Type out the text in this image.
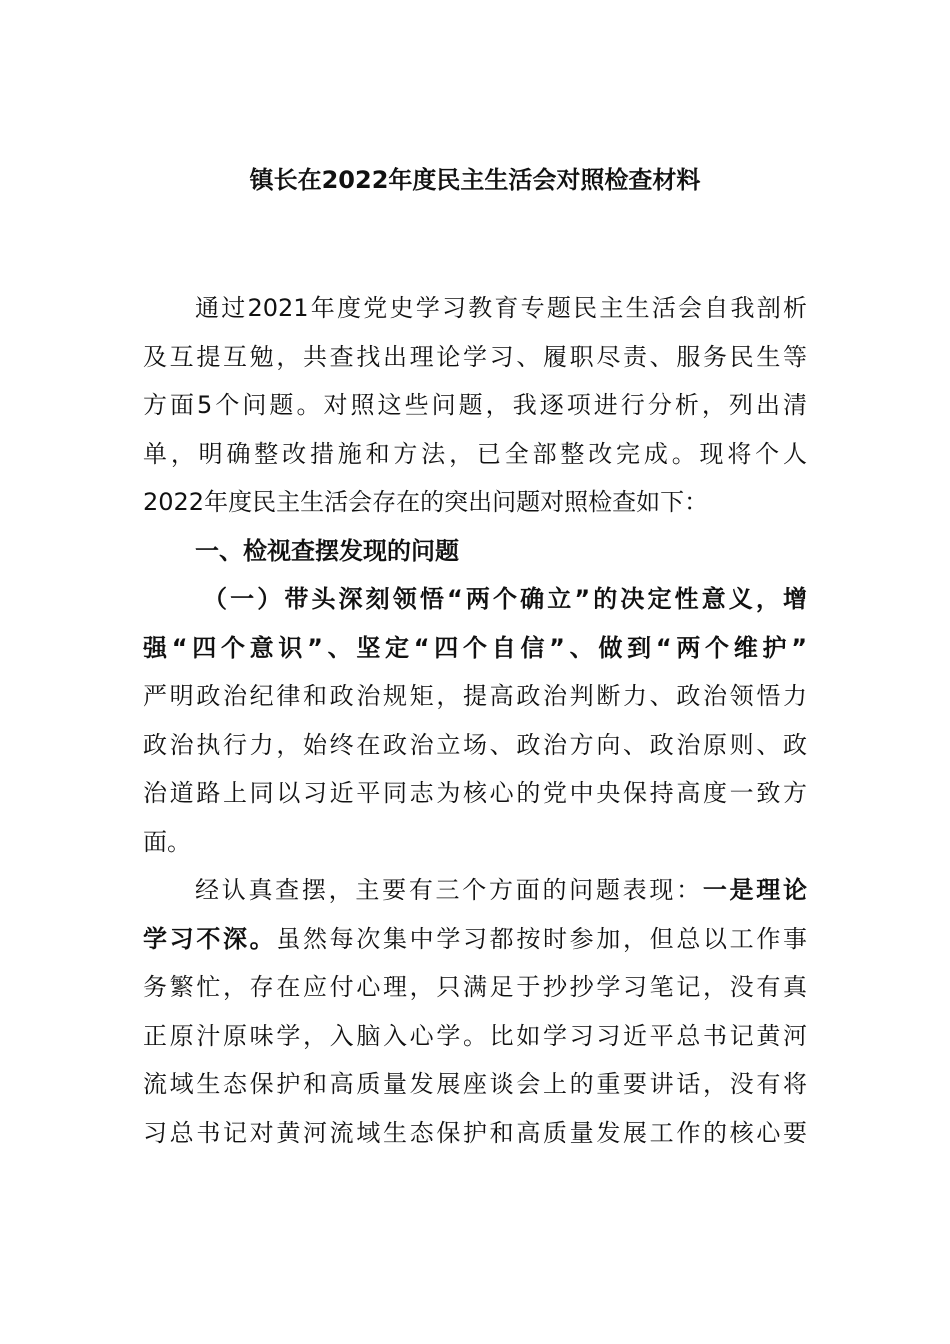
镇长在2022年度民主生活会对照检查材料
通过2021年度党史学习教育专题民主生活会自我剖析
及互提互勉，共查找出理论学习、履职尽责、服务民生等
方面5个问题。对照这些问题，我逐项进行分析，列出清
单，明确整改措施和方法，已全部整改完成。现将个人
2022年度民主生活会存在的突出问题对照检查如下：
一、检视查摆发现的问题
（一）带头深刻领悟“两个确立”的决定性意义，增
强“四个意识”、坚定“四个自信”、做到“两个维护”
严明政治纪律和政治规矩，提高政治判断力、政治领悟力
政治执行力，始终在政治立场、政治方向、政治原则、政
治道路上同以习近平同志为核心的党中央保持高度一致方
面。
经认真查摆，主要有三个方面的问题表现：一是理论
学习不深。虽然每次集中学习都按时参加，但总以工作事
务繁忙，存在应付心理，只满足于抄抄学习笔记，没有真
正原汁原味学，入脑入心学。比如学习习近平总书记黄河
流域生态保护和高质量发展座谈会上的重要讲话，没有将
习总书记对黄河流域生态保护和高质量发展工作的核心要
